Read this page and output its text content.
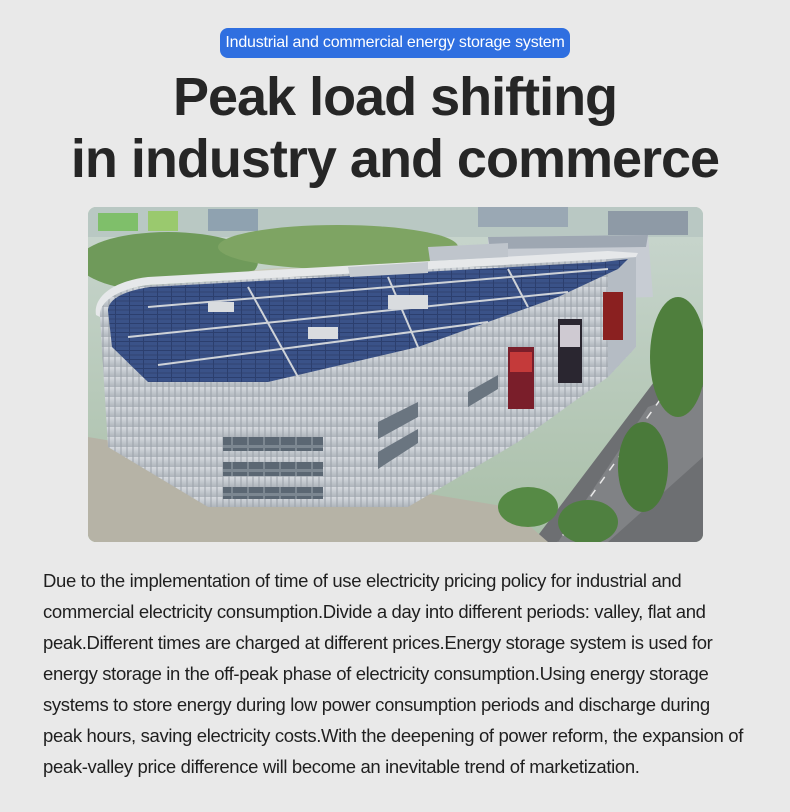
Industrial and commercial energy storage system
Peak load shifting
in industry and commerce
Due to the implementation of time of use electricity pricing policy for industrial and commercial electricity consumption.Divide a day into different periods: valley, flat and peak.Different times are charged at different prices.Energy storage system is used for energy storage in the off-peak phase of electricity consumption.Using energy storage systems to store energy during low power consumption periods and discharge during peak hours, saving electricity costs.With the deepening of power reform, the expansion of peak-valley price difference will become an inevitable trend of marketization.
